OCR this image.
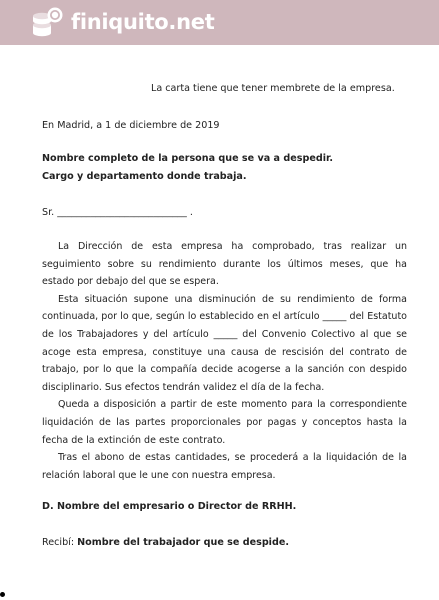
finiquito.net
La carta tiene que tener membrete de la empresa.
En Madrid, a 1 de diciembre de 2019
Nombre completo de la persona que se va a despedir.
Cargo y departamento donde trabaja.
Sr. ___________________________ .

La Dirección de esta empresa ha comprobado, tras realizar un seguimiento sobre su rendimiento durante los últimos meses, que ha estado por debajo del que se espera.

Esta situación supone una disminución de su rendimiento de forma continuada, por lo que, según lo establecido en el artículo _____ del Estatuto de los Trabajadores y del artículo _____ del Convenio Colectivo al que se acoge esta empresa, constituye una causa de rescisión del contrato de trabajo, por lo que la compañía decide acogerse a la sanción con despido disciplinario. Sus efectos tendrán validez el día de la fecha.

Queda a disposición a partir de este momento para la correspondiente liquidación de las partes proporcionales por pagas y conceptos hasta la fecha de la extinción de este contrato.

Tras el abono de estas cantidades, se procederá a la liquidación de la relación laboral que le une con nuestra empresa.

D. Nombre del empresario o Director de RRHH.
Recibí: Nombre del trabajador que se despide.
